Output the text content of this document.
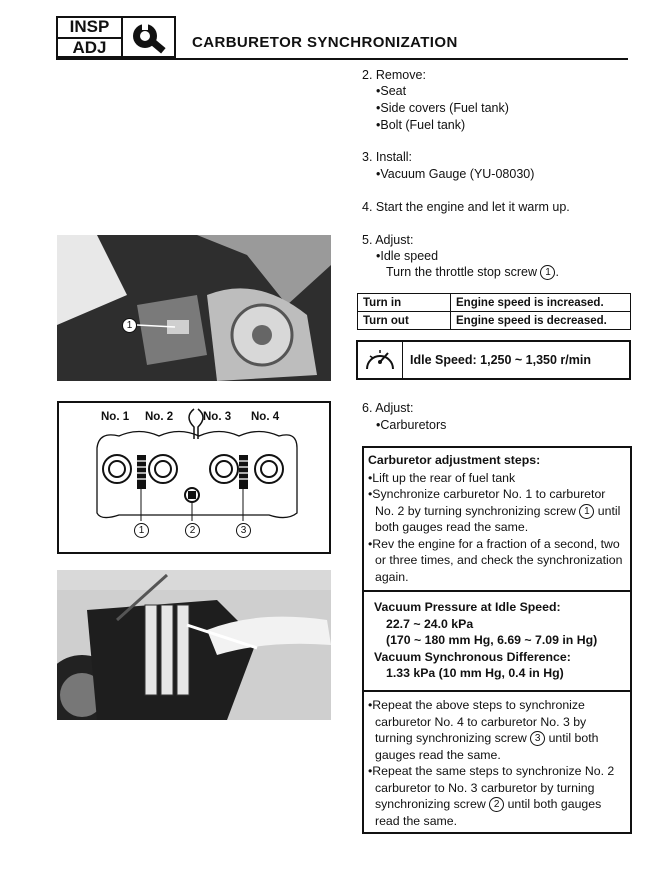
INSP
ADJ	CARBURETOR SYNCHRONIZATION
2. Remove:
•Seat
•Side covers (Fuel tank)
•Bolt (Fuel tank)
3. Install:
•Vacuum Gauge (YU-08030)
4. Start the engine and let it warm up.
5. Adjust:
•Idle speed
Turn the throttle stop screw 1 .
Turn in	Engine speed is increased.
Turn out	Engine speed is decreased.
Idle Speed: 1,250 ~ 1,350 r/min
6. Adjust:
•Carburetors
Carburetor adjustment steps:
•Lift up the rear of fuel tank
•Synchronize carburetor No. 1 to carburetor No. 2 by turning synchronizing screw 1 until both gauges read the same.
•Rev the engine for a fraction of a second, two or three times, and check the synchronization again.
Vacuum Pressure at Idle Speed:
22.7 ~ 24.0 kPa
(170 ~ 180 mm Hg, 6.69 ~ 7.09 in Hg)
Vacuum Synchronous Difference:
1.33 kPa (10 mm Hg, 0.4 in Hg)
•Repeat the above steps to synchronize carburetor No. 4 to carburetor No. 3 by turning synchronizing screw 3 until both gauges read the same.
•Repeat the same steps to synchronize No. 2 carburetor to No. 3 carburetor by turning synchronizing screw 2 until both gauges read the same.
1
No. 1 No. 2	No. 3 No. 4
1	2	3
